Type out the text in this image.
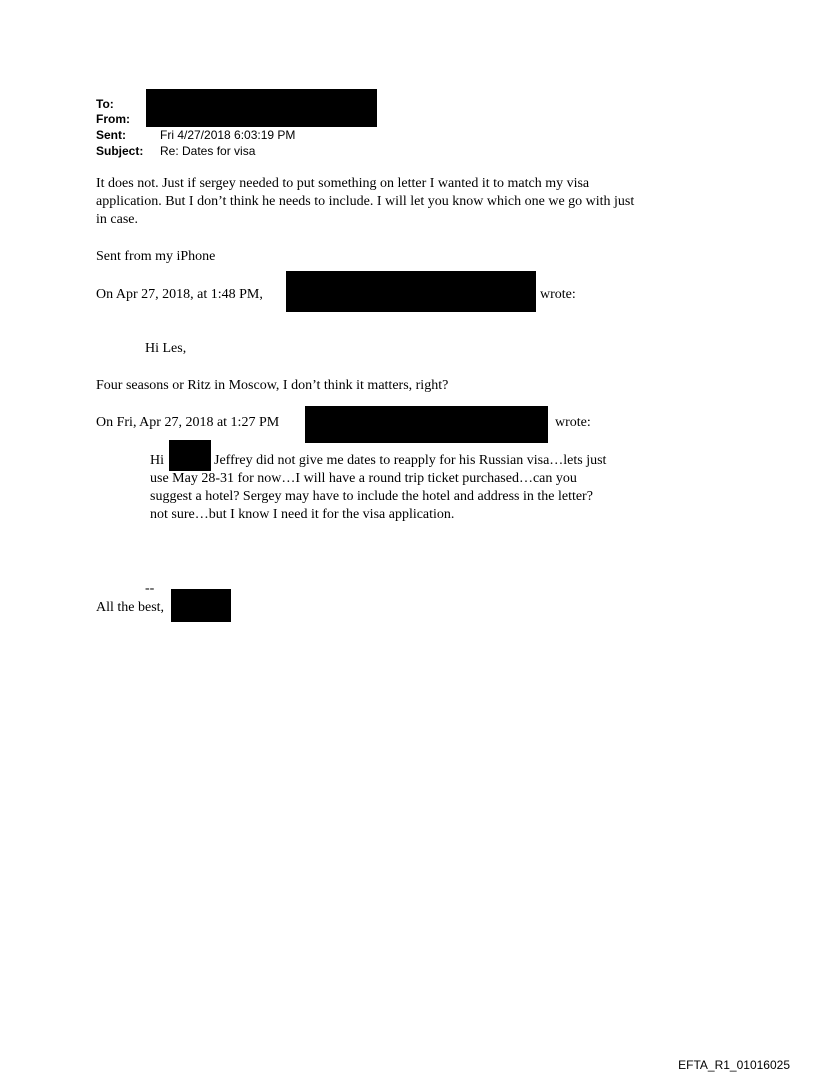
To:
From:
Sent:	Fri 4/27/2018 6:03:19 PM
Subject: Re: Dates for visa
It does not. Just if sergey needed to put something on letter I wanted it to match my visa
application. But I don’t think he needs to include. I will let you know which one we go with just
in case.
Sent from my iPhone
On Apr 27, 2018, at 1:48 PM,	wrote:
Hi Les,
Four seasons or Ritz in Moscow, I don’t think it matters, right?
On Fri, Apr 27, 2018 at 1:27 PM	wrote:
Hi	Jeffrey did not give me dates to reapply for his Russian visa…lets just
use May 28-31 for now…I will have a round trip ticket purchased…can you
suggest a hotel? Sergey may have to include the hotel and address in the letter?
not sure…but I know I need it for the visa application.
--
All the best,
EFTA_R1_01016025
